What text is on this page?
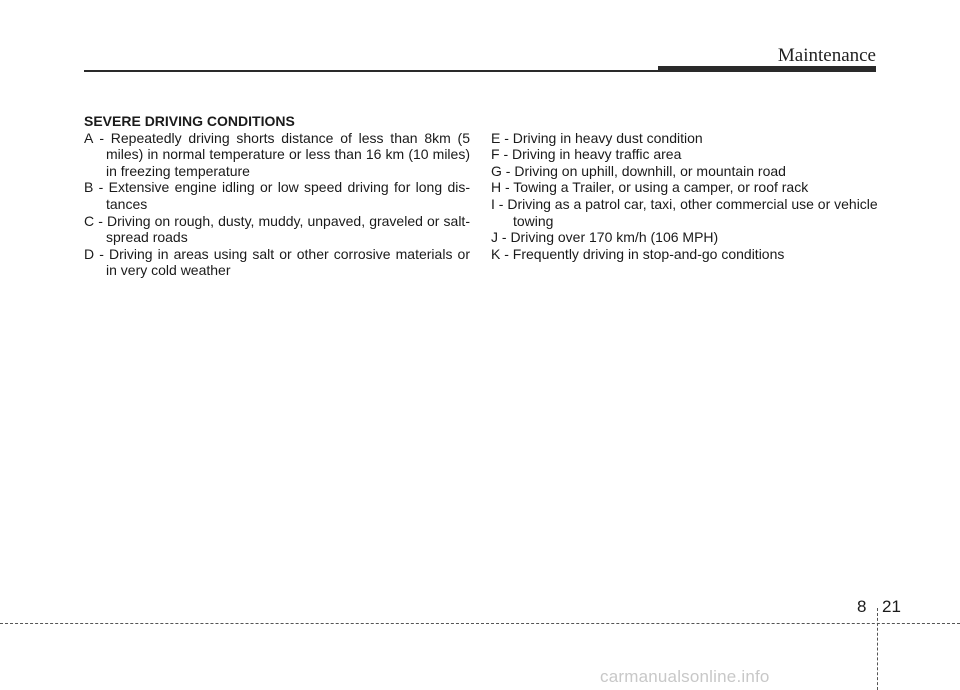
Maintenance

SEVERE DRIVING CONDITIONS

A - Repeatedly driving shorts distance of less than 8km (5 miles) in normal temperature or less than 16 km (10 miles) in freezing temperature

B - Extensive engine idling or low speed driving for long dis- tances

C - Driving on rough, dusty, muddy, unpaved, graveled or salt- spread roads

D - Driving in areas using salt or other corrosive materials or in very cold weather

E - Driving in heavy dust condition

F - Driving in heavy traffic area

G - Driving on uphill, downhill, or mountain road

H - Towing a Trailer, or using a camper, or roof rack

I - Driving as a patrol car, taxi, other commercial use or vehicle towing

J - Driving over 170 km/h (106 MPH)

K - Frequently driving in stop-and-go conditions

8 21
carmanualsonline.info
